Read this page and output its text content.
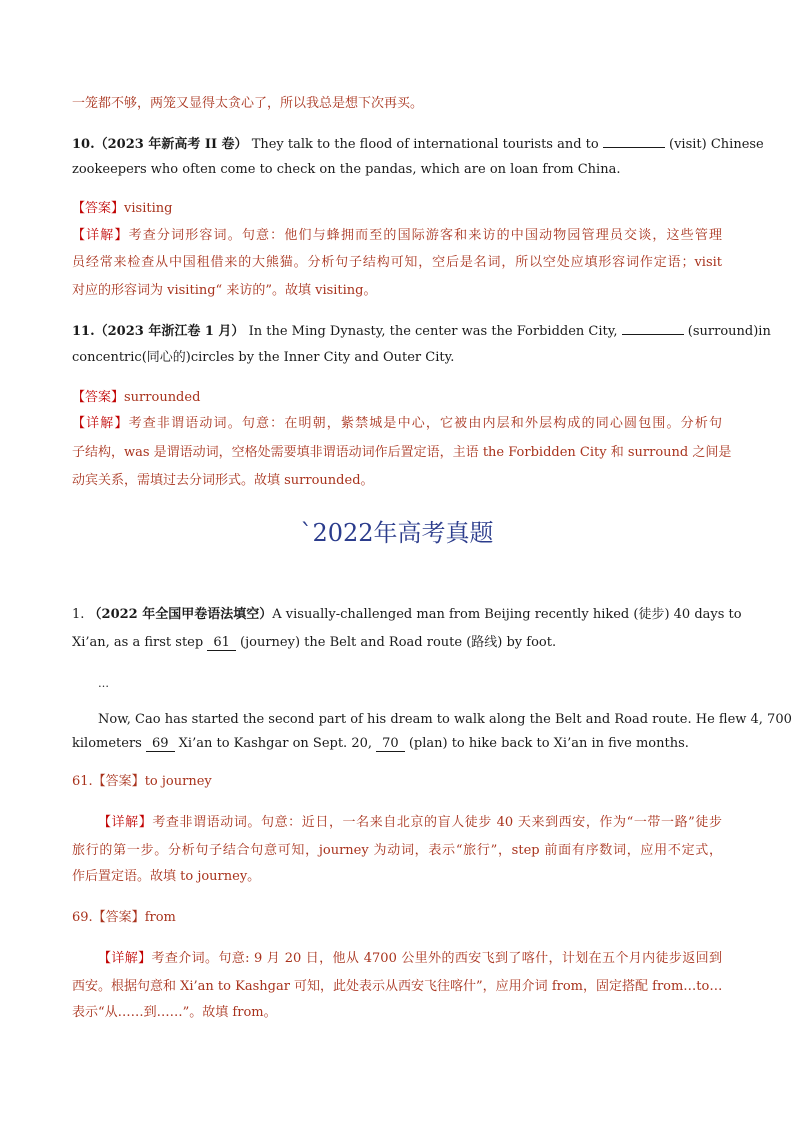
一笼都不够，两笼又显得太贪心了，所以我总是想下次再买。
10.（2023 年新高考 II 卷） They talk to the flood of international tourists and to	(visit) Chinese
zookeepers who often come to check on the pandas, which are on loan from China.
【答案】visiting
【详解】考查分词形容词。句意：他们与蜂拥而至的国际游客和来访的中国动物园管理员交谈，这些管理
员经常来检查从中国租借来的大熊猫。分析句子结构可知，空后是名词，所以空处应填形容词作定语；visit
对应的形容词为 visiting“ 来访的”。故填 visiting。
11.（2023 年浙江卷 1 月） In the Ming Dynasty, the center was the Forbidden City,	(surround)in
concentric(同心的)circles by the Inner City and Outer City.
【答案】surrounded
【详解】考查非谓语动词。句意：在明朝，紫禁城是中心，它被由内层和外层构成的同心圆包围。分析句
子结构，was 是谓语动词，空格处需要填非谓语动词作后置定语，主语 the Forbidden City 和 surround 之间是
动宾关系，需填过去分词形式。故填 surrounded。
`2022年高考真题
1. （2022 年全国甲卷语法填空）A visually-challenged man from Beijing recently hiked (徒步) 40 days to
Xi’an, as a first step 61 (journey) the Belt and Road route (路线) by foot.
…
Now, Cao has started the second part of his dream to walk along the Belt and Road route. He flew 4, 700
kilometers 69 Xi’an to Kashgar on Sept. 20, 70 (plan) to hike back to Xi’an in five months.
61.【答案】to journey
【详解】考查非谓语动词。句意：近日，一名来自北京的盲人徒步 40 天来到西安，作为“一带一路”徒步
旅行的第一步。分析句子结合句意可知，journey 为动词，表示“旅行”，step 前面有序数词，应用不定式，
作后置定语。故填 to journey。
69.【答案】from
【详解】考查介词。句意: 9 月 20 日，他从 4700 公里外的西安飞到了喀什，计划在五个月内徒步返回到
西安。根据句意和 Xi’an to Kashgar 可知，此处表示从西安飞往喀什”，应用介词 from，固定搭配 from…to…
表示“从……到……”。故填 from。
